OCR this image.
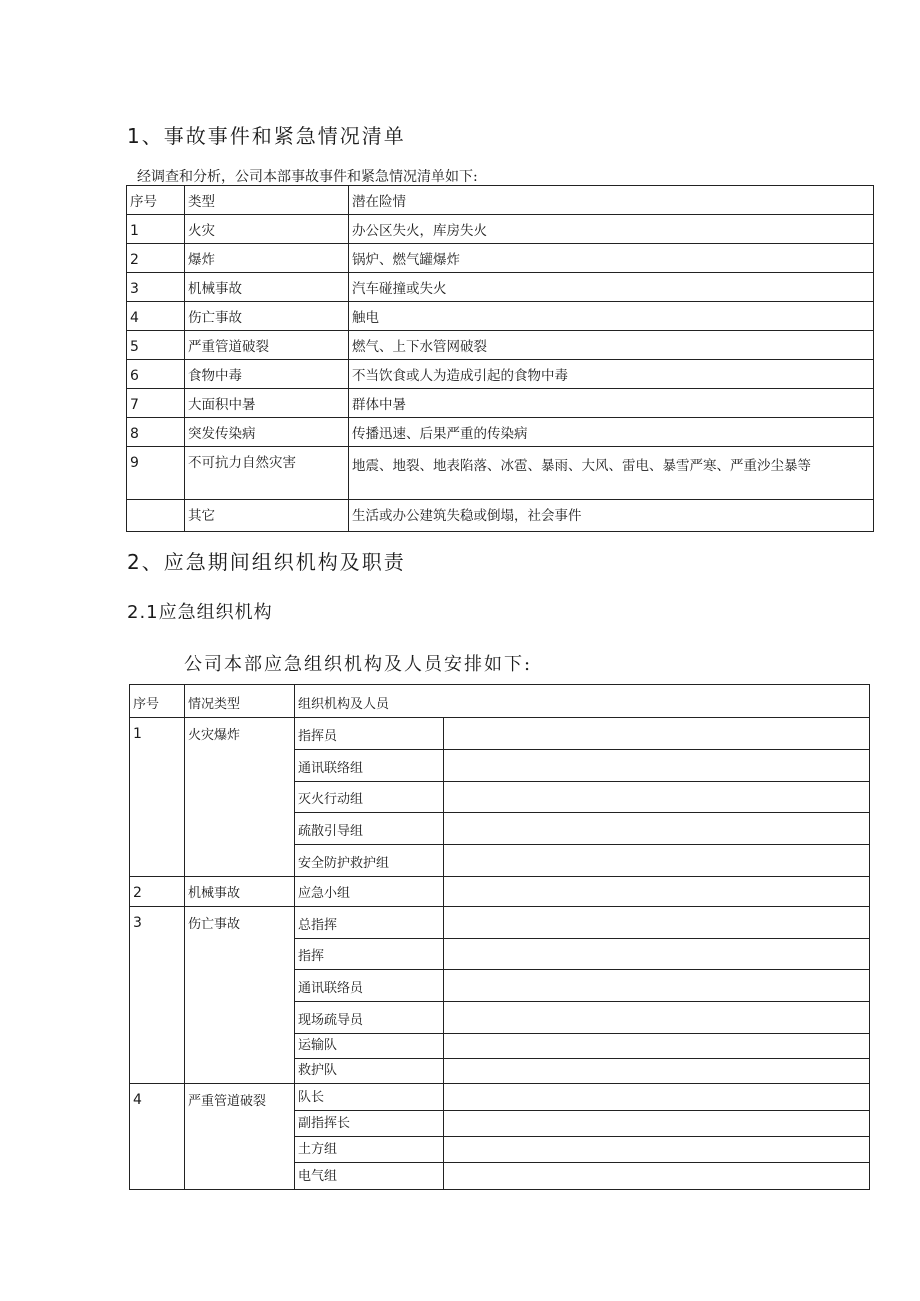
1、事故事件和紧急情况清单

经调查和分析，公司本部事故事件和紧急情况清单如下:

序号	类型	潜在险情
1	火灾	办公区失火，库房失火
2	爆炸	锅炉、燃气罐爆炸
3	机械事故	汽车碰撞或失火
4	伤亡事故	触电
5	严重管道破裂	燃气、上下水管网破裂
6	食物中毒	不当饮食或人为造成引起的食物中毒
7	大面积中暑	群体中暑
8	突发传染病	传播迅速、后果严重的传染病
9	不可抗力自然灾害	地震、地裂、地表陷落、冰雹、暴雨、大风、雷电、暴雪严寒、严重沙尘暴等
	其它	生活或办公建筑失稳或倒塌，社会事件
2、应急期间组织机构及职责
2.1应急组织机构

公司本部应急组织机构及人员安排如下:

序号	情况类型	组织机构及人员	
1	火灾爆炸	指挥员	
		通讯联络组	
		灭火行动组	
		疏散引导组	
		安全防护救护组	
2	机械事故	应急小组	
3	伤亡事故	总指挥	
		指挥	
		通讯联络员	
		现场疏导员	
		运输队	
		救护队	
4	严重管道破裂	队长	
		副指挥长	
		土方组	
		电气组	
